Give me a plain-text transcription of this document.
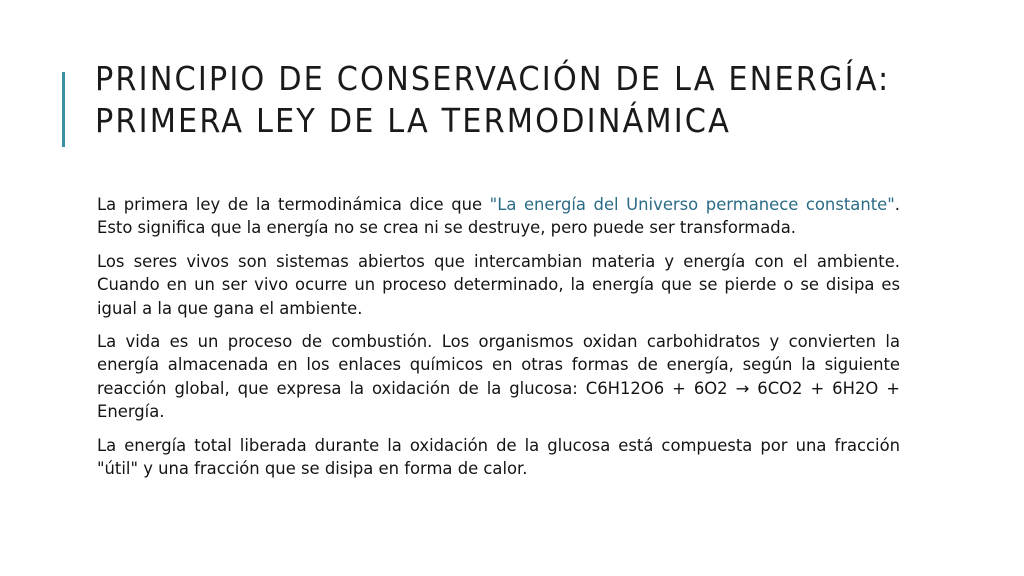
PRINCIPIO DE CONSERVACIÓN DE LA ENERGÍA:
PRIMERA LEY DE LA TERMODINÁMICA

La primera ley de la termodinámica dice que "La energía del Universo permanece constante". Esto significa que la energía no se crea ni se destruye, pero puede ser transformada.

Los seres vivos son sistemas abiertos que intercambian materia y energía con el ambiente. Cuando en un ser vivo ocurre un proceso determinado, la energía que se pierde o se disipa es igual a la que gana el ambiente.

La vida es un proceso de combustión. Los organismos oxidan carbohidratos y convierten la energía almacenada en los enlaces químicos en otras formas de energía, según la siguiente reacción global, que expresa la oxidación de la glucosa: C6H12O6 + 6O2 → 6CO2 + 6H2O + Energía.

La energía total liberada durante la oxidación de la glucosa está compuesta por una fracción "útil" y una fracción que se disipa en forma de calor.
